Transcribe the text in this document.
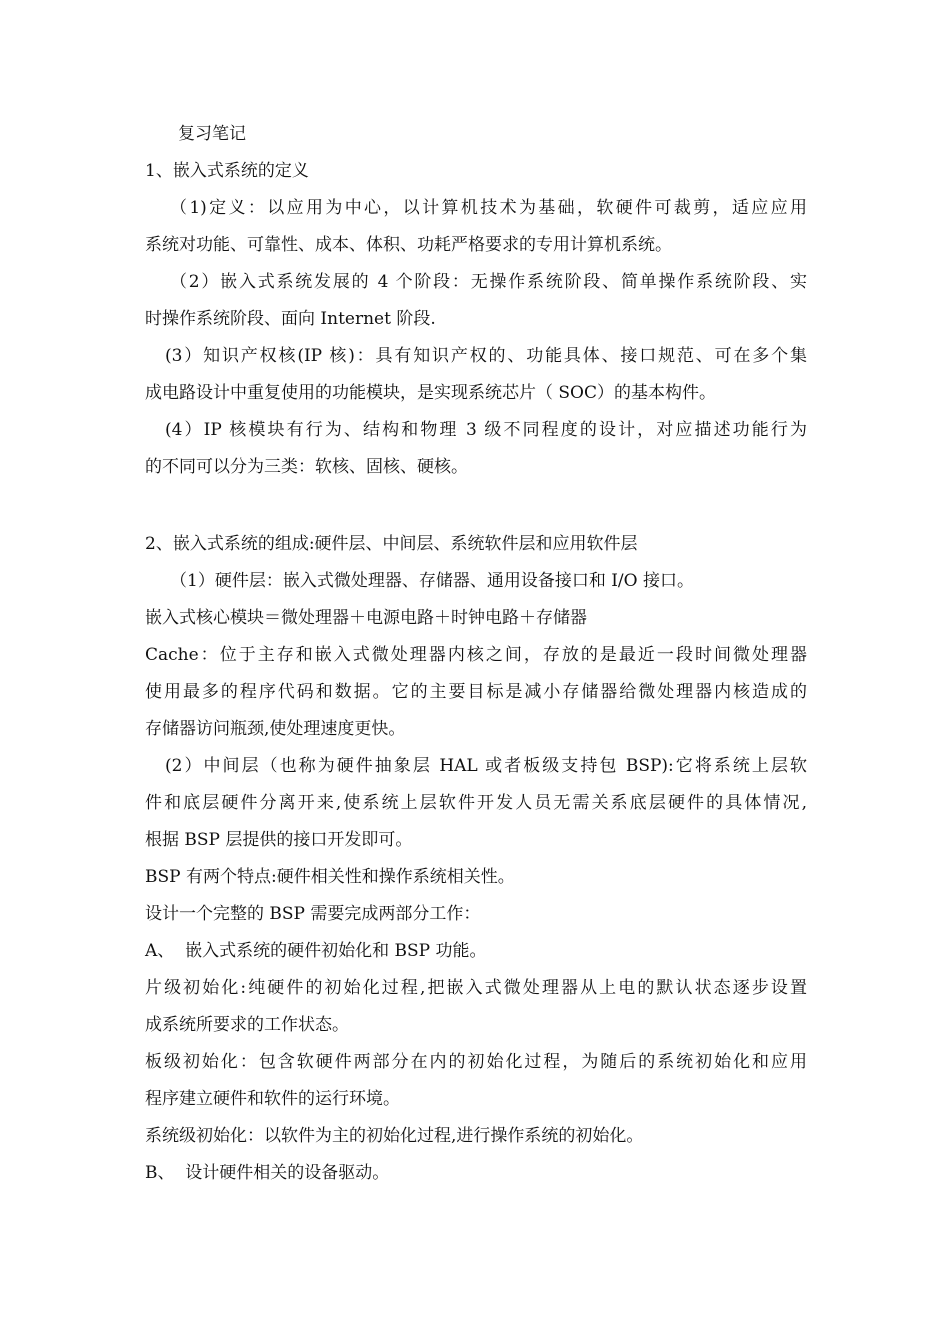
复习笔记
1、嵌入式系统的定义
（1)定义：以应用为中心，以计算机技术为基础，软硬件可裁剪，适应应用
系统对功能、可靠性、成本、体积、功耗严格要求的专用计算机系统。
（2）嵌入式系统发展的 4 个阶段：无操作系统阶段、简单操作系统阶段、实
时操作系统阶段、面向 Internet 阶段.
(3）知识产权核(IP 核)：具有知识产权的、功能具体、接口规范、可在多个集
成电路设计中重复使用的功能模块，是实现系统芯片（ SOC）的基本构件。
(4）IP 核模块有行为、结构和物理 3 级不同程度的设计，对应描述功能行为
的不同可以分为三类：软核、固核、硬核。
2、嵌入式系统的组成:硬件层、中间层、系统软件层和应用软件层
（1）硬件层：嵌入式微处理器、存储器、通用设备接口和 I/O 接口。
嵌入式核心模块＝微处理器＋电源电路＋时钟电路＋存储器
Cache：位于主存和嵌入式微处理器内核之间，存放的是最近一段时间微处理器
使用最多的程序代码和数据。它的主要目标是减小存储器给微处理器内核造成的
存储器访问瓶颈,使处理速度更快。
(2）中间层（也称为硬件抽象层 HAL 或者板级支持包 BSP):它将系统上层软
件和底层硬件分离开来,使系统上层软件开发人员无需关系底层硬件的具体情况,
根据 BSP 层提供的接口开发即可。
BSP 有两个特点:硬件相关性和操作系统相关性。
设计一个完整的 BSP 需要完成两部分工作：
A、  嵌入式系统的硬件初始化和 BSP 功能。
片级初始化:纯硬件的初始化过程,把嵌入式微处理器从上电的默认状态逐步设置
成系统所要求的工作状态。
板级初始化：包含软硬件两部分在内的初始化过程，为随后的系统初始化和应用
程序建立硬件和软件的运行环境。
系统级初始化：以软件为主的初始化过程,进行操作系统的初始化。
B、  设计硬件相关的设备驱动。
